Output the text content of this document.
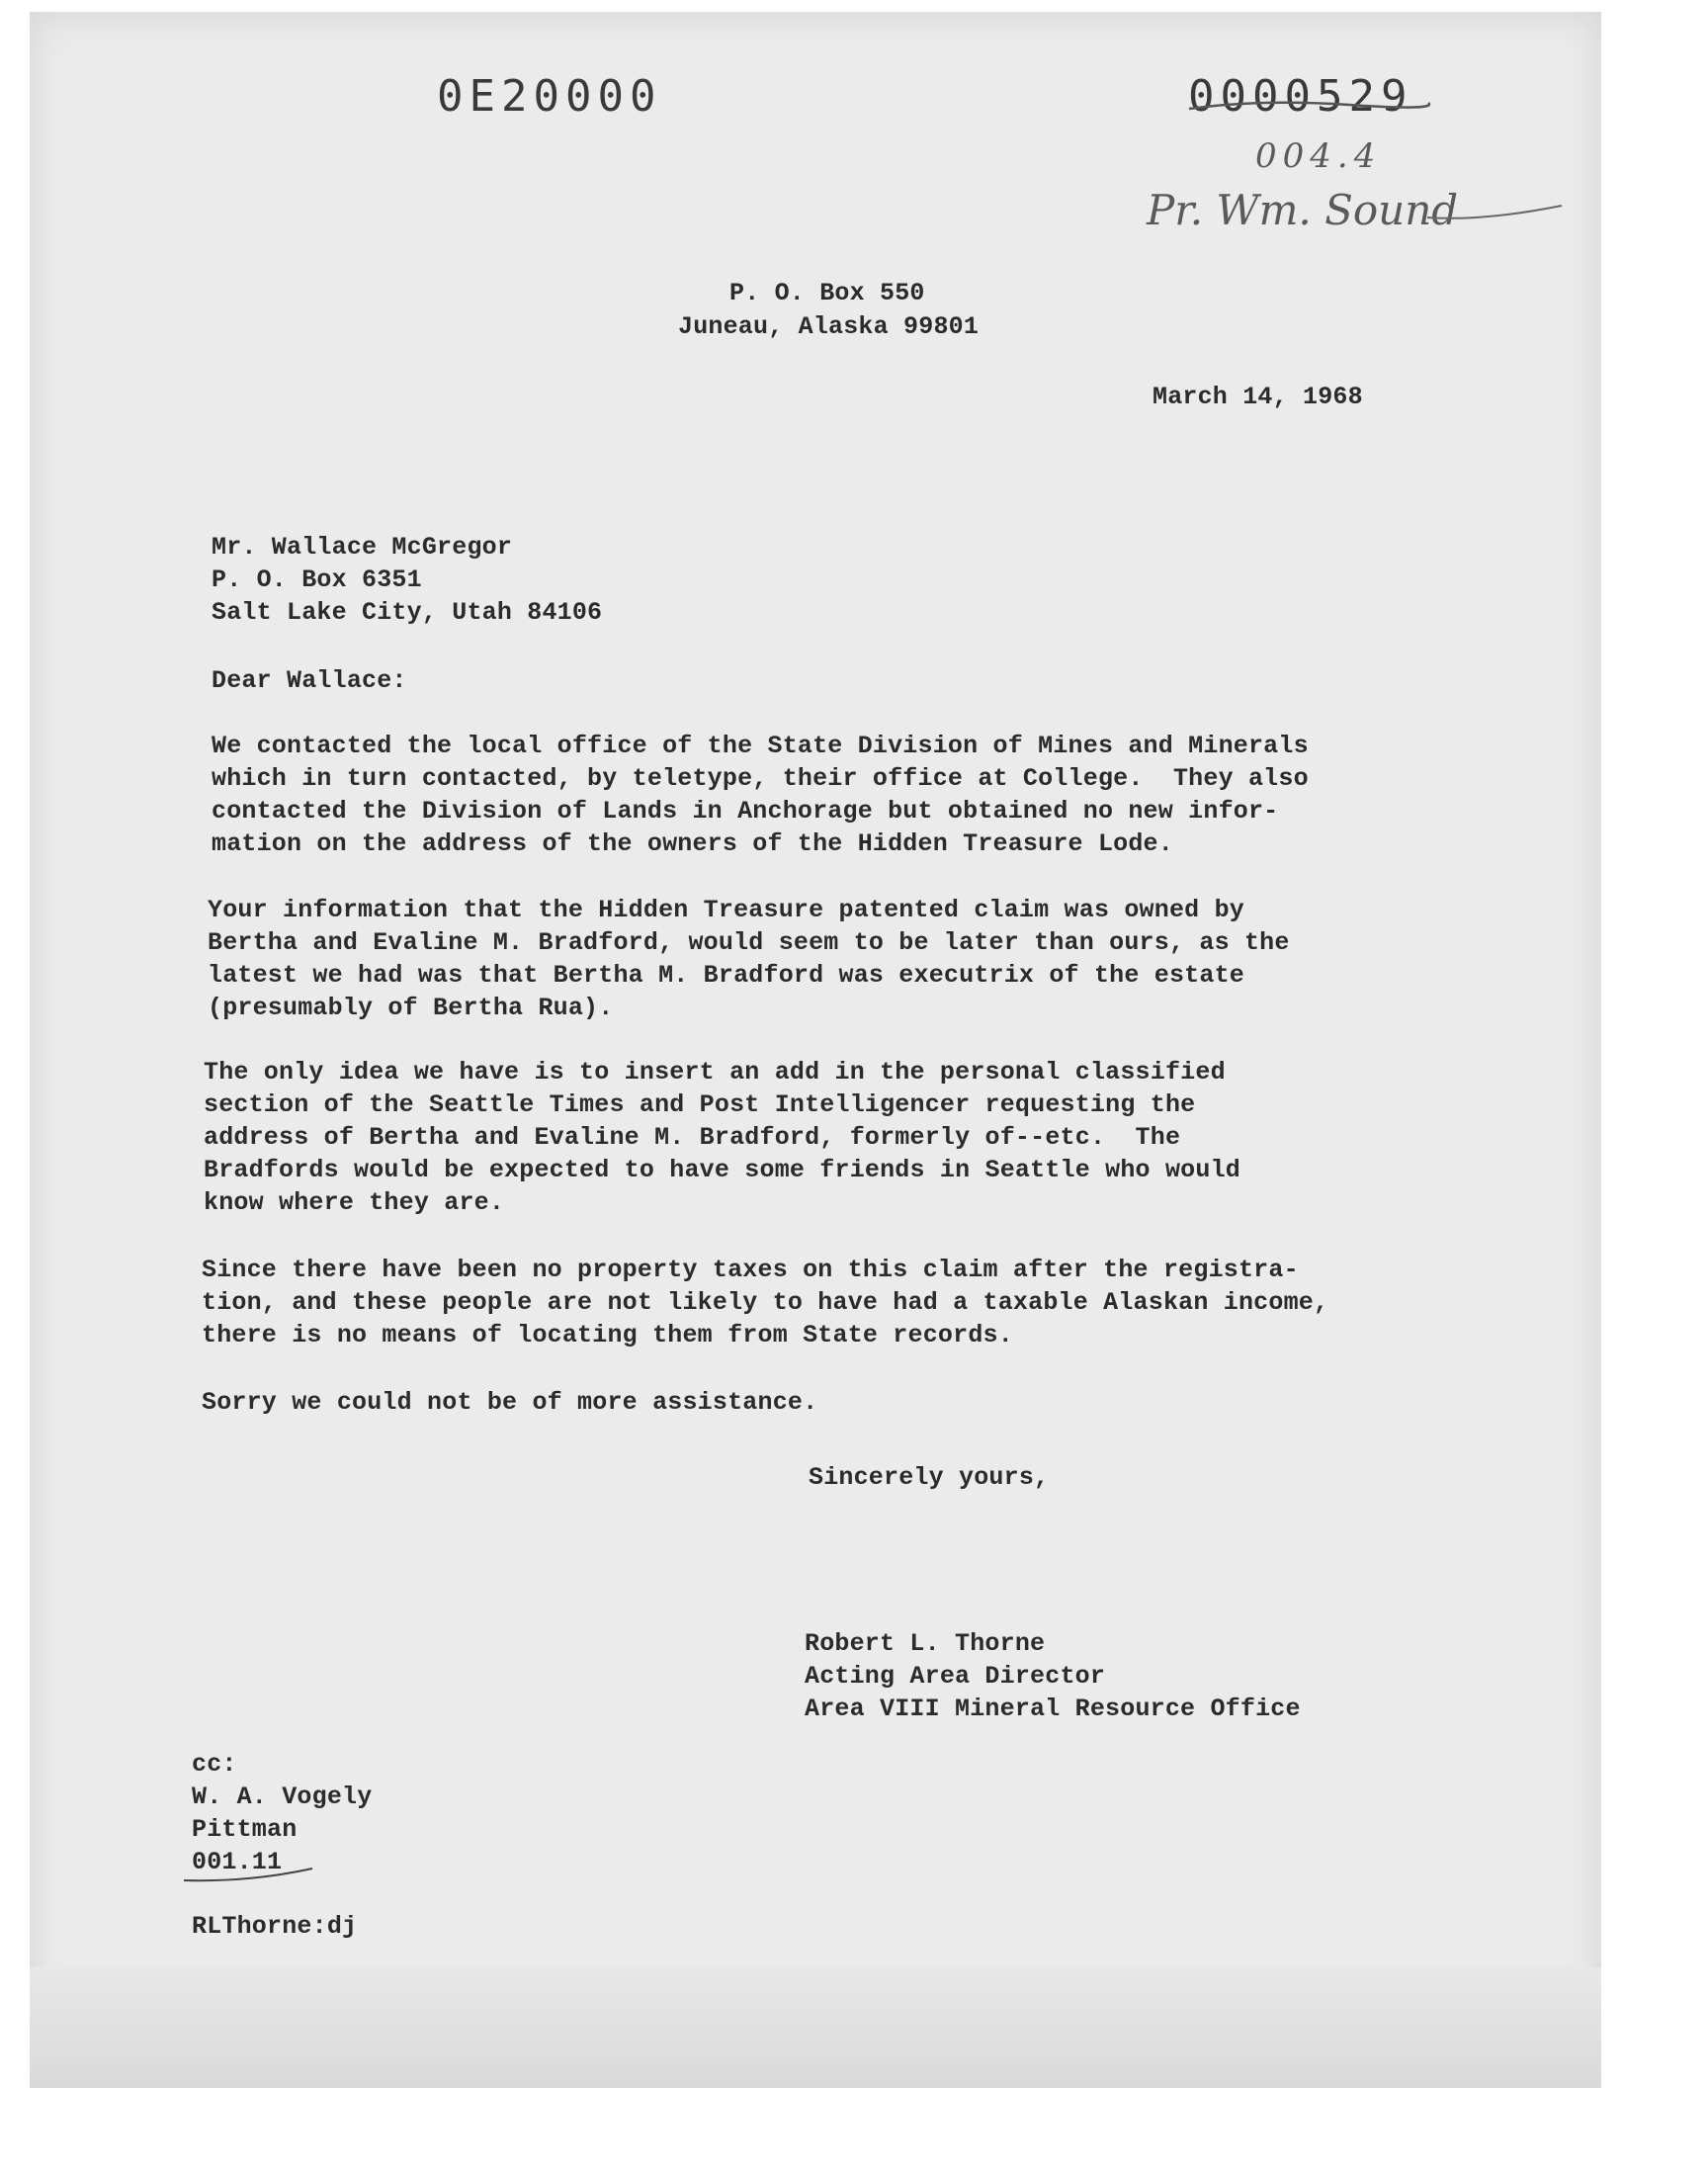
0E20000	0000529
004.4
Pr. Wm. Sound
P. O. Box 550
Juneau, Alaska 99801
March 14, 1968
Mr. Wallace McGregor
P. O. Box 6351
Salt Lake City, Utah 84106
Dear Wallace:
We contacted the local office of the State Division of Mines and Minerals
which in turn contacted, by teletype, their office at College.  They also
contacted the Division of Lands in Anchorage but obtained no new infor-
mation on the address of the owners of the Hidden Treasure Lode.
Your information that the Hidden Treasure patented claim was owned by
Bertha and Evaline M. Bradford, would seem to be later than ours, as the
latest we had was that Bertha M. Bradford was executrix of the estate
(presumably of Bertha Rua).
The only idea we have is to insert an add in the personal classified
section of the Seattle Times and Post Intelligencer requesting the
address of Bertha and Evaline M. Bradford, formerly of--etc.  The
Bradfords would be expected to have some friends in Seattle who would
know where they are.
Since there have been no property taxes on this claim after the registra-
tion, and these people are not likely to have had a taxable Alaskan income,
there is no means of locating them from State records.
Sorry we could not be of more assistance.
Sincerely yours,
Robert L. Thorne
Acting Area Director
Area VIII Mineral Resource Office
cc:
W. A. Vogely
Pittman
001.11
RLThorne:dj
